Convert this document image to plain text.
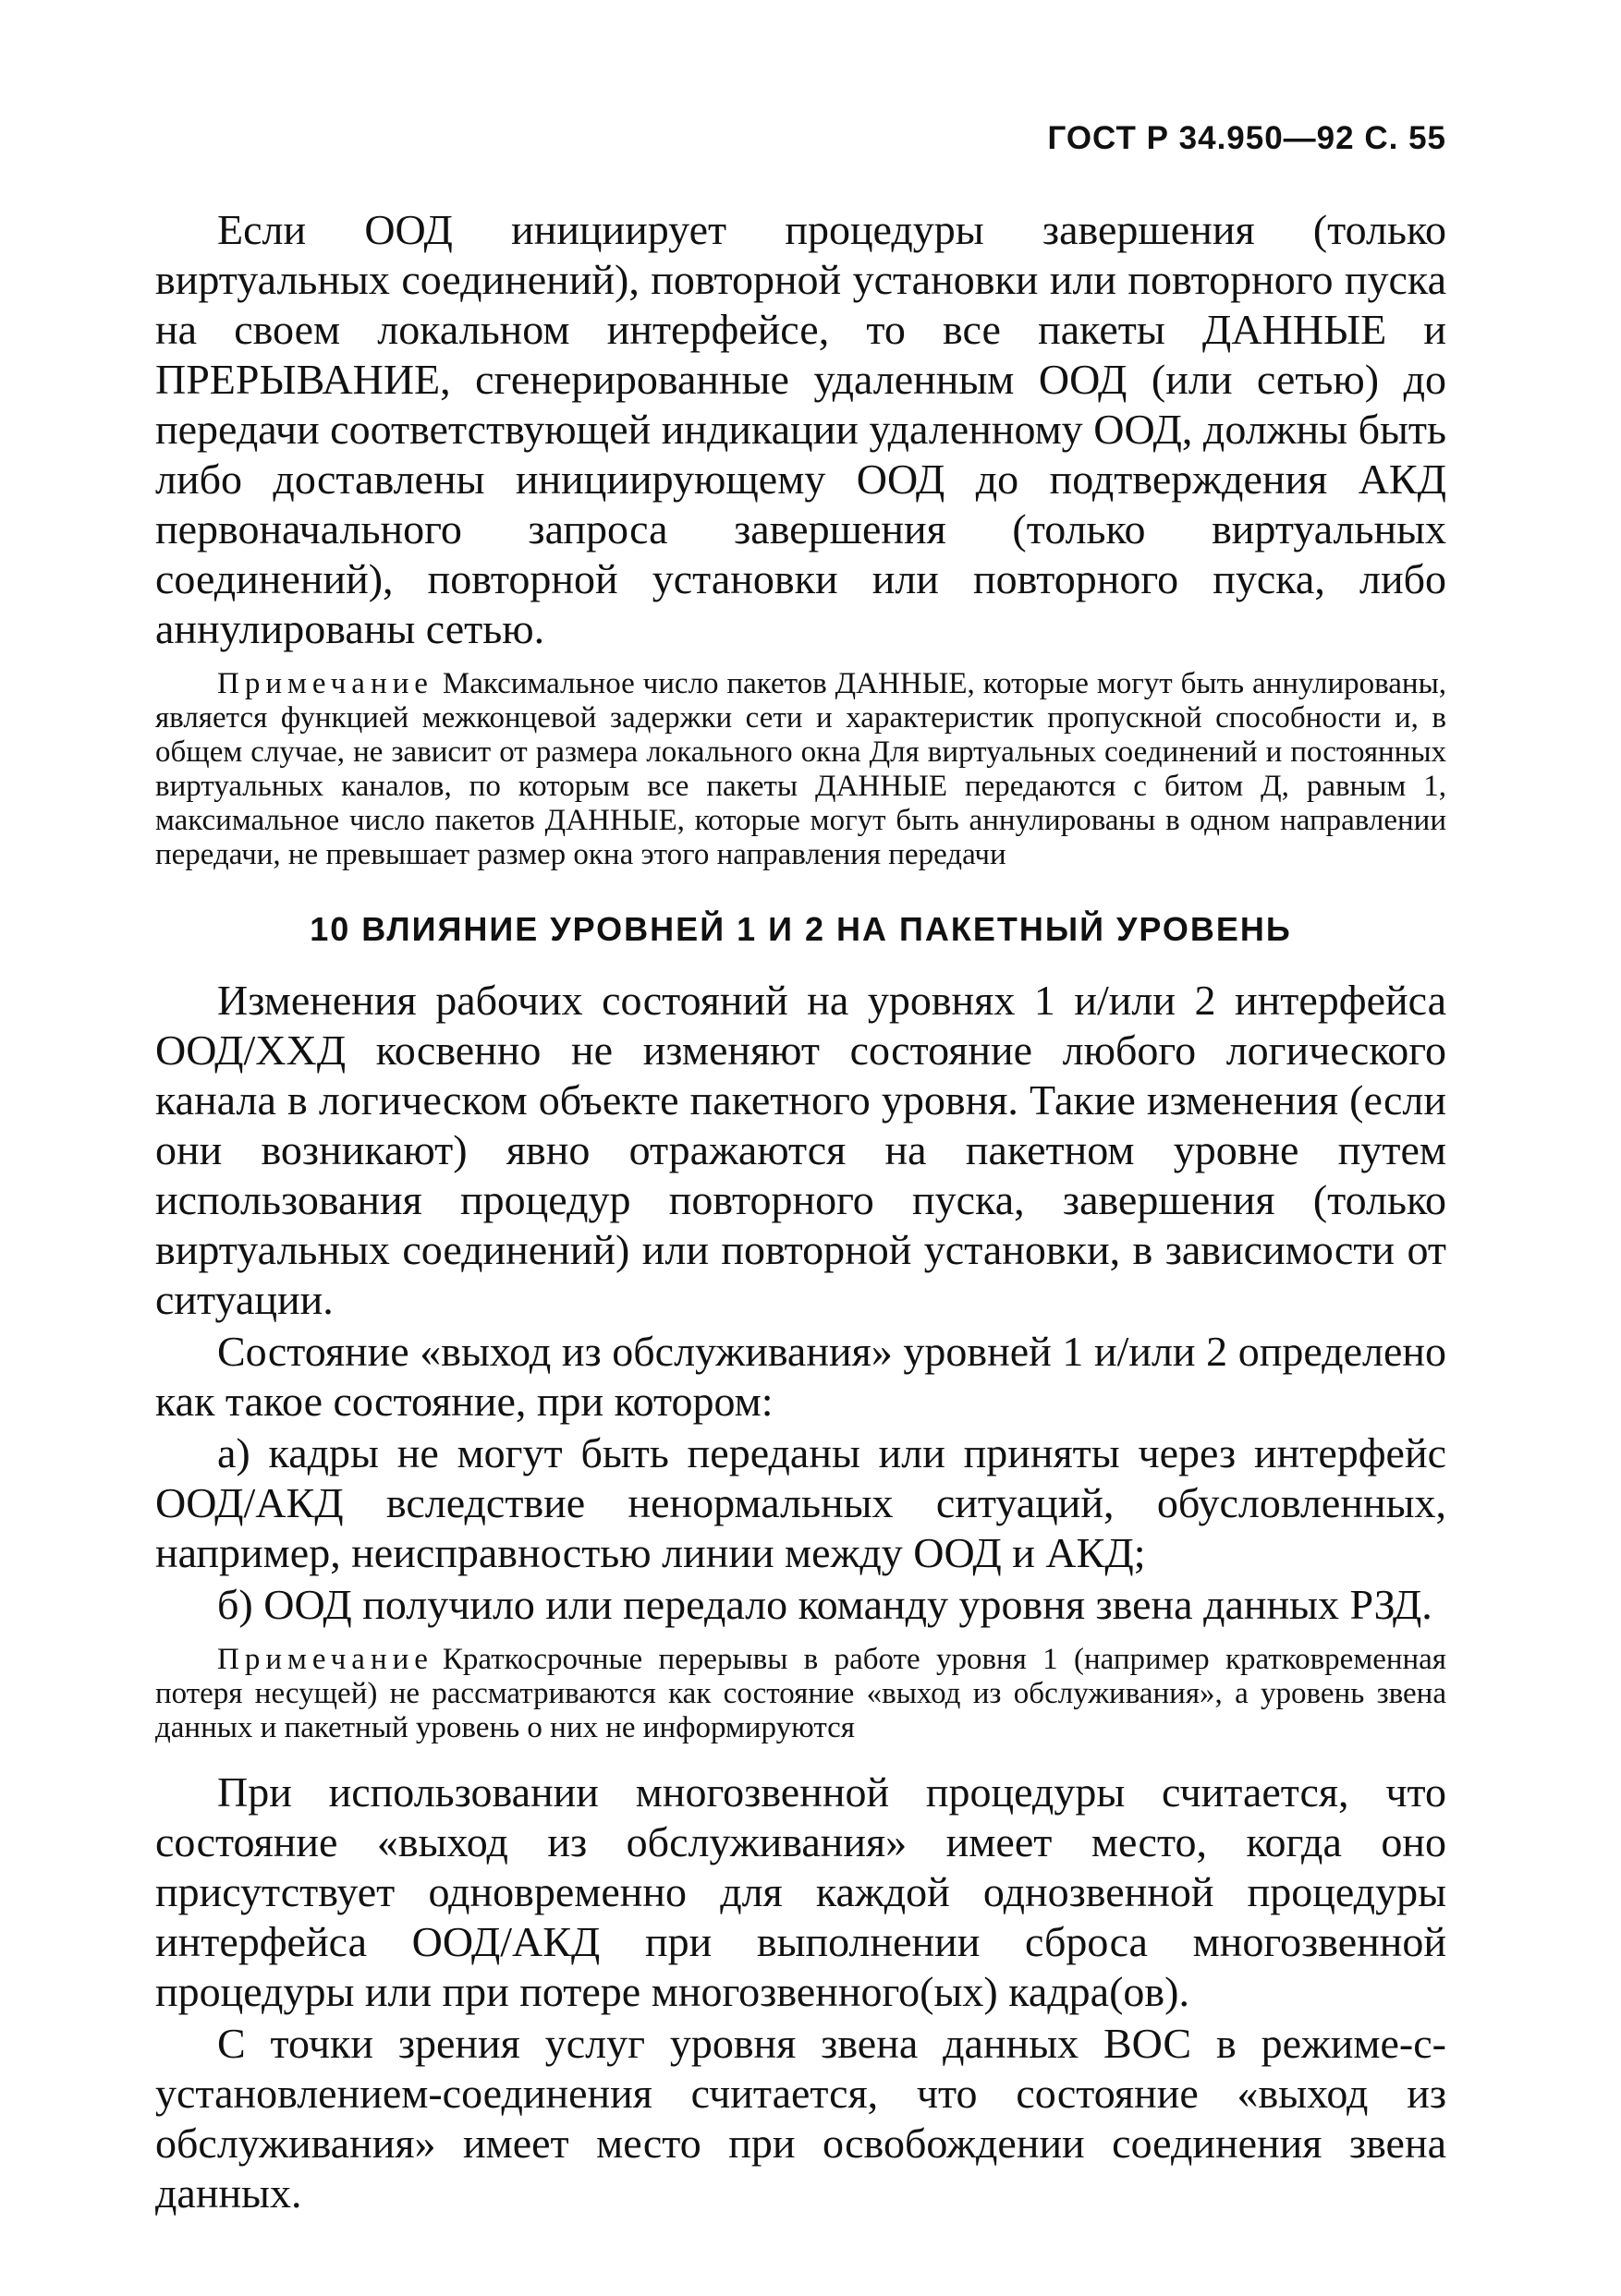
ГОСТ Р 34.950—92 С. 55

Если ООД инициирует процедуры завершения (только виртуальных соединений), повторной установки или повторного пуска на своем локальном интерфейсе, то все пакеты ДАННЫЕ и ПРЕРЫВАНИЕ, сгенерированные удаленным ООД (или сетью) до передачи соответствующей индикации удаленному ООД, должны быть либо доставлены инициирующему ООД до подтверждения АКД первоначального запроса завершения (только виртуальных соединений), повторной установки или повторного пуска, либо аннулированы сетью.

Примечание Максимальное число пакетов ДАННЫЕ, которые могут быть аннулированы, является функцией межконцевой задержки сети и характеристик пропускной способности и, в общем случае, не зависит от размера локального окна Для виртуальных соединений и постоянных виртуальных каналов, по которым все пакеты ДАННЫЕ передаются с битом Д, равным 1, максимальное число пакетов ДАННЫЕ, которые могут быть аннулированы в одном направлении передачи, не превышает размер окна этого направления передачи

10 ВЛИЯНИЕ УРОВНЕЙ 1 И 2 НА ПАКЕТНЫЙ УРОВЕНЬ

Изменения рабочих состояний на уровнях 1 и/или 2 интерфейса ООД/ХХД косвенно не изменяют состояние любого логического канала в логическом объекте пакетного уровня. Такие изменения (если они возникают) явно отражаются на пакетном уровне путем использования процедур повторного пуска, завершения (только виртуальных соединений) или повторной установки, в зависимости от ситуации.

Состояние «выход из обслуживания» уровней 1 и/или 2 определено как такое состояние, при котором:

а) кадры не могут быть переданы или приняты через интерфейс ООД/АКД вследствие ненормальных ситуаций, обусловленных, например, неисправностью линии между ООД и АКД;

б) ООД получило или передало команду уровня звена данных РЗД.

Примечание Краткосрочные перерывы в работе уровня 1 (например кратковременная потеря несущей) не рассматриваются как состояние «выход из обслуживания», а уровень звена данных и пакетный уровень о них не информируются

При использовании многозвенной процедуры считается, что состояние «выход из обслуживания» имеет место, когда оно присутствует одновременно для каждой однозвенной процедуры интерфейса ООД/АКД при выполнении сброса многозвенной процедуры или при потере многозвенного(ых) кадра(ов).

С точки зрения услуг уровня звена данных ВОС в режиме-с-установлением-соединения считается, что состояние «выход из обслуживания» имеет место при освобождении соединения звена данных.
